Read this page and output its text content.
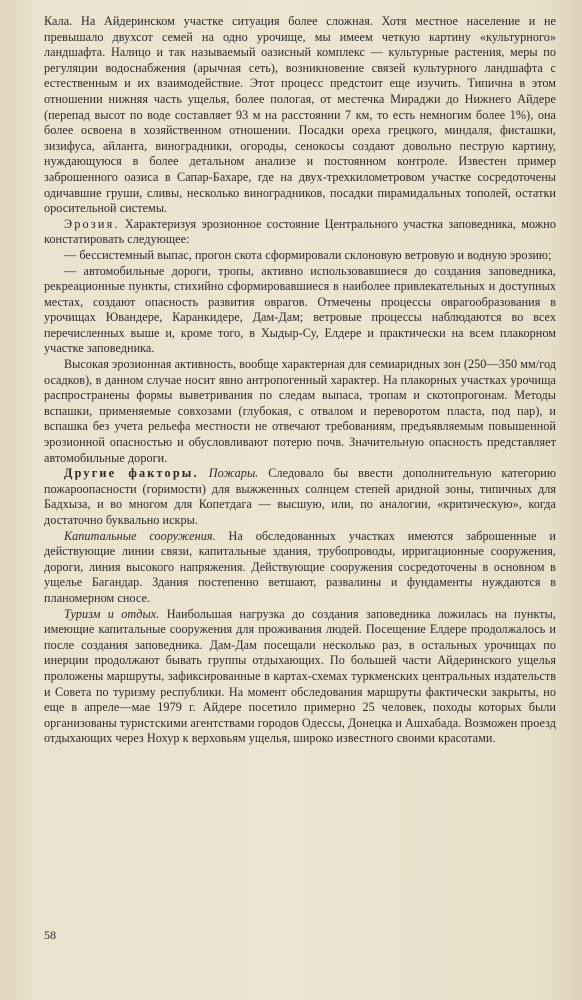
Кала. На Айдеринском участке ситуация более сложная. Хотя местное население и не превышало двухсот семей на одно урочище, мы имеем четкую картину «культурного» ландшафта. Налицо и так называемый оазисный комплекс — культурные растения, меры по регуляции водоснабжения (арычная сеть), возникновение связей культурного ландшафта с естественным и их взаимодействие. Этот процесс предстоит еще изучить. Типична в этом отношении нижняя часть ущелья, более пологая, от местечка Мираджи до Нижнего Айдере (перепад высот по воде составляет 93 м на расстоянии 7 км, то есть немногим более 1%), она более освоена в хозяйственном отношении. Посадки ореха грецкого, миндаля, фисташки, зизифуса, айланта, виноградники, огороды, сенокосы создают довольно пеструю картину, нуждающуюся в более детальном анализе и постоянном контроле. Известен пример заброшенного оазиса в Сапар-Бахаре, где на двух-трехкилометровом участке сосредоточены одичавшие груши, сливы, несколько виноградников, посадки пирамидальных тополей, остатки оросительной системы.

Эрозия. Характеризуя эрозионное состояние Центрального участка заповедника, можно констатировать следующее:

— бессистемный выпас, прогон скота сформировали склоновую ветровую и водную эрозию;

— автомобильные дороги, тропы, активно использовавшиеся до создания заповедника, рекреационные пункты, стихийно сформировавшиеся в наиболее привлекательных и доступных местах, создают опасность развития оврагов. Отмечены процессы оврагообразования в урочищах Ювандере, Каранкидере, Дам-Дам; ветровые процессы наблюдаются во всех перечисленных выше и, кроме того, в Хыдыр-Су, Елдере и практически на всем плакорном участке заповедника.

Высокая эрозионная активность, вообще характерная для семиаридных зон (250—350 мм/год осадков), в данном случае носит явно антропогенный характер. На плакорных участках урочища распространены формы выветривания по следам выпаса, тропам и скотопрогонам. Методы вспашки, применяемые совхозами (глубокая, с отвалом и переворотом пласта, под пар), и вспашка без учета рельефа местности не отвечают требованиям, предъявляемым повышенной эрозионной опасностью и обусловливают потерю почв. Значительную опасность представляет автомобильные дороги.

Другие факторы. Пожары. Следовало бы ввести дополнительную категорию пожароопасности (горимости) для выжженных солнцем степей аридной зоны, типичных для Бадхыза, и во многом для Копетдага — высшую, или, по аналогии, «критическую», когда достаточно буквально искры.

Капитальные сооружения. На обследованных участках имеются заброшенные и действующие линии связи, капитальные здания, трубопроводы, ирригационные сооружения, дороги, линия высокого напряжения. Действующие сооружения сосредоточены в основном в ущелье Багандар. Здания постепенно ветшают, развалины и фундаменты нуждаются в планомерном сносе.

Туризм и отдых. Наибольшая нагрузка до создания заповедника ложилась на пункты, имеющие капитальные сооружения для проживания людей. Посещение Елдере продолжалось и после создания заповедника. Дам-Дам посещали несколько раз, в остальных урочищах по инерции продолжают бывать группы отдыхающих. По большей части Айдеринского ущелья проложены маршруты, зафиксированные в картах-схемах туркменских центральных издательств и Совета по туризму республики. На момент обследования маршруты фактически закрыты, но еще в апреле—мае 1979 г. Айдере посетило примерно 25 человек, походы которых были организованы туристскими агентствами городов Одессы, Донецка и Ашхабада. Возможен проезд отдыхающих через Нохур к верховьям ущелья, широко известного своими красотами.

58
